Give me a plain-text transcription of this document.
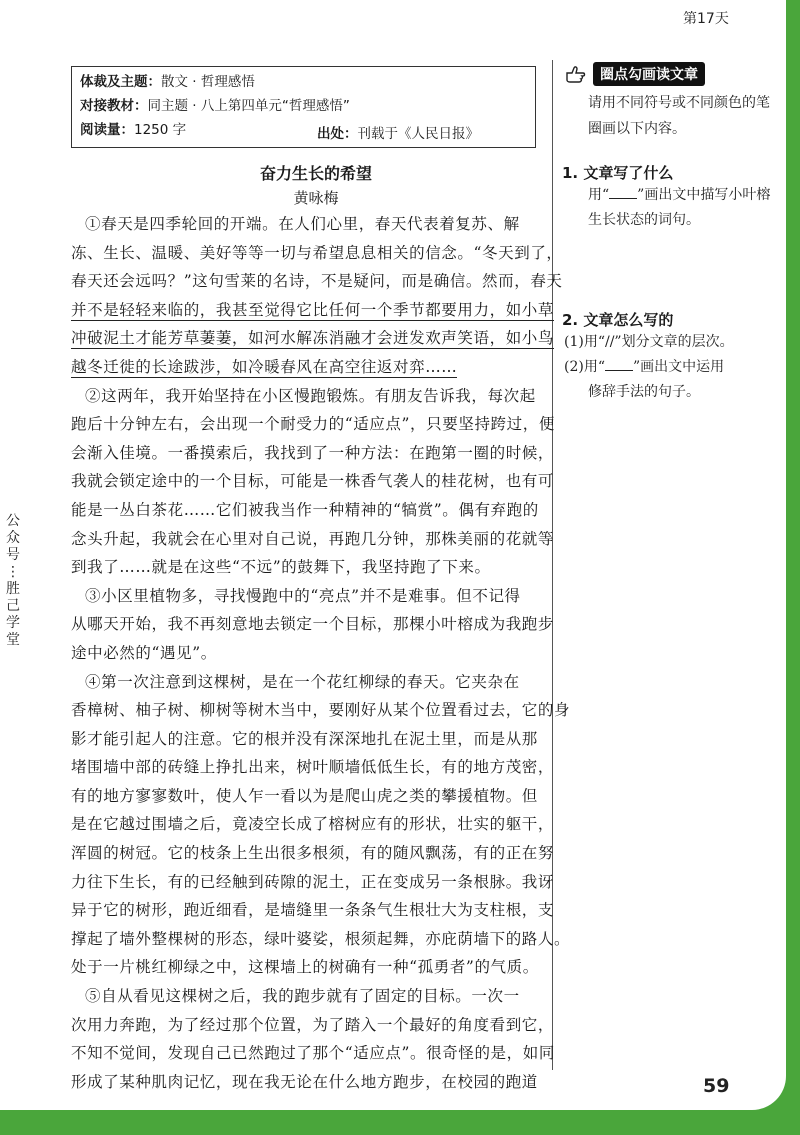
第17天
体裁及主题：散文 · 哲理感悟
对接教材：同主题 · 八上第四单元“哲理感悟”
阅读量：1250 字	出处：刊载于《人民日报》
奋力生长的希望
黄咏梅
①春天是四季轮回的开端。在人们心里，春天代表着复苏、解
冻、生长、温暖、美好等等一切与希望息息相关的信念。“冬天到了，
春天还会远吗？”这句雪莱的名诗，不是疑问，而是确信。然而，春天
并不是轻轻来临的，我甚至觉得它比任何一个季节都要用力，如小草
冲破泥土才能芳草萋萋，如河水解冻消融才会迸发欢声笑语，如小鸟
越冬迁徙的长途跋涉，如冷暖春风在高空往返对弈……
②这两年，我开始坚持在小区慢跑锻炼。有朋友告诉我，每次起
跑后十分钟左右，会出现一个耐受力的“适应点”，只要坚持跨过，便
会渐入佳境。一番摸索后，我找到了一种方法：在跑第一圈的时候，
我就会锁定途中的一个目标，可能是一株香气袭人的桂花树，也有可
能是一丛白茶花……它们被我当作一种精神的“犒赏”。偶有弃跑的
念头升起，我就会在心里对自己说，再跑几分钟，那株美丽的花就等
到我了……就是在这些“不远”的鼓舞下，我坚持跑了下来。
③小区里植物多，寻找慢跑中的“亮点”并不是难事。但不记得
从哪天开始，我不再刻意地去锁定一个目标，那棵小叶榕成为我跑步
途中必然的“遇见”。
④第一次注意到这棵树，是在一个花红柳绿的春天。它夹杂在
香樟树、柚子树、柳树等树木当中，要刚好从某个位置看过去，它的身
影才能引起人的注意。它的根并没有深深地扎在泥土里，而是从那
堵围墙中部的砖缝上挣扎出来，树叶顺墙低低生长，有的地方茂密，
有的地方寥寥数叶，使人乍一看以为是爬山虎之类的攀援植物。但
是在它越过围墙之后，竟凌空长成了榕树应有的形状，壮实的躯干，
浑圆的树冠。它的枝条上生出很多根须，有的随风飘荡，有的正在努
力往下生长，有的已经触到砖隙的泥土，正在变成另一条根脉。我讶
异于它的树形，跑近细看，是墙缝里一条条气生根壮大为支柱根，支
撑起了墙外整棵树的形态，绿叶婆娑，根须起舞，亦庇荫墙下的路人。
处于一片桃红柳绿之中，这棵墙上的树确有一种“孤勇者”的气质。
⑤自从看见这棵树之后，我的跑步就有了固定的目标。一次一
次用力奔跑，为了经过那个位置，为了踏入一个最好的角度看到它，
不知不觉间，发现自己已然跑过了那个“适应点”。很奇怪的是，如同
形成了某种肌肉记忆，现在我无论在什么地方跑步，在校园的跑道
公
众
号
⋮
胜
己
学
堂
圈点勾画读文章
请用不同符号或不同颜色的笔圈画以下内容。
1. 文章写了什么
用“ ”画出文中描写小叶榕生长状态的词句。
2. 文章怎么写的
(1)用“//”划分文章的层次。
(2)用“ ”画出文中运用
修辞手法的句子。
59
